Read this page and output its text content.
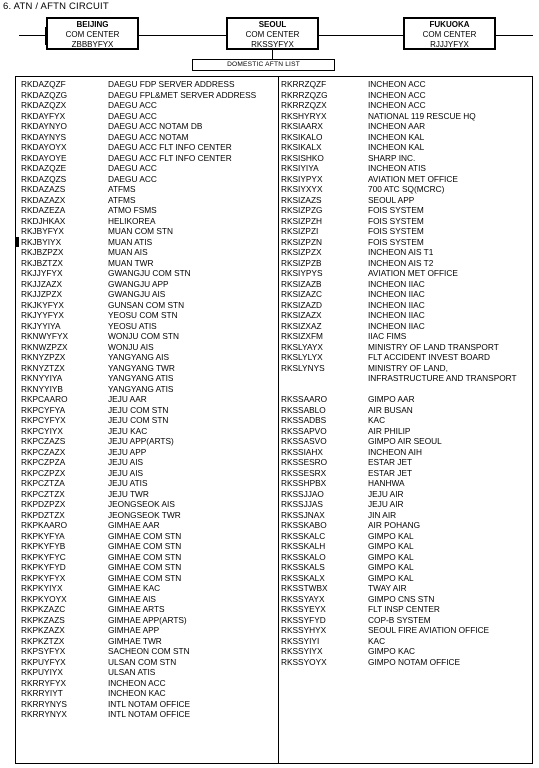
6. ATN / AFTN CIRCUIT
BEIJING
COM CENTER
ZBBBYFYX
SEOUL
COM CENTER
RKSSYFYX
FUKUOKA
COM CENTER
RJJJYFYX
DOMESTIC AFTN LIST
RKDAZQZF	DAEGU FDP SERVER ADDRESS
RKDAZQZG	DAEGU FPL&MET SERVER ADDRESS
RKDAZQZX	DAEGU ACC
RKDAYFYX	DAEGU ACC
RKDAYNYO	DAEGU ACC NOTAM DB
RKDAYNYS	DAEGU ACC NOTAM
RKDAYOYX	DAEGU ACC FLT INFO CENTER
RKDAYOYE	DAEGU ACC FLT INFO CENTER
RKDAZQZE	DAEGU ACC
RKDAZQZS	DAEGU ACC
RKDAZAZS	ATFMS
RKDAZAZX	ATFMS
RKDAZEZA	ATMO FSMS
RKDJHKAX	HELIKOREA
RKJBYFYX	MUAN COM STN
RKJBYIYX	MUAN ATIS
RKJBZPZX	MUAN AIS
RKJBZTZX	MUAN TWR
RKJJYFYX	GWANGJU COM STN
RKJJZAZX	GWANGJU APP
RKJJZPZX	GWANGJU AIS
RKJKYFYX	GUNSAN COM STN
RKJYYFYX	YEOSU COM STN
RKJYYIYA	YEOSU ATIS
RKNWYFYX	WONJU COM STN
RKNWZPZX	WONJU AIS
RKNYZPZX	YANGYANG AIS
RKNYZTZX	YANGYANG TWR
RKNYYIYA	YANGYANG ATIS
RKNYYIYB	YANGYANG ATIS
RKPCAARO	JEJU AAR
RKPCYFYA	JEJU COM STN
RKPCYFYX	JEJU COM STN
RKPCYIYX	JEJU KAC
RKPCZAZS	JEJU APP(ARTS)
RKPCZAZX	JEJU APP
RKPCZPZA	JEJU AIS
RKPCZPZX	JEJU AIS
RKPCZTZA	JEJU ATIS
RKPCZTZX	JEJU TWR
RKPDZPZX	JEONGSEOK AIS
RKPDZTZX	JEONGSEOK TWR
RKPKAARO	GIMHAE AAR
RKPKYFYA	GIMHAE COM STN
RKPKYFYB	GIMHAE COM STN
RKPKYFYC	GIMHAE COM STN
RKPKYFYD	GIMHAE COM STN
RKPKYFYX	GIMHAE COM STN
RKPKYIYX	GIMHAE KAC
RKPKYOYX	GIMHAE AIS
RKPKZAZC	GIMHAE ARTS
RKPKZAZS	GIMHAE APP(ARTS)
RKPKZAZX	GIMHAE APP
RKPKZTZX	GIMHAE TWR
RKPSYFYX	SACHEON COM STN
RKPUYFYX	ULSAN COM STN
RKPUYIYX	ULSAN ATIS
RKRRYFYX	INCHEON ACC
RKRRYIYT	INCHEON KAC
RKRRYNYS	INTL NOTAM OFFICE
RKRRYNYX	INTL NOTAM OFFICE
RKRRZQZF	INCHEON ACC
RKRRZQZG	INCHEON ACC
RKRRZQZX	INCHEON ACC
RKSHYRYX	NATIONAL 119 RESCUE HQ
RKSIAARX	INCHEON AAR
RKSIKALO	INCHEON KAL
RKSIKALX	INCHEON KAL
RKSISHKO	SHARP INC.
RKSIYIYA	INCHEON ATIS
RKSIYPYX	AVIATION MET OFFICE
RKSIYXYX	700 ATC SQ(MCRC)
RKSIZAZS	SEOUL APP
RKSIZPZG	FOIS SYSTEM
RKSIZPZH	FOIS SYSTEM
RKSIZPZI	FOIS SYSTEM
RKSIZPZN	FOIS SYSTEM
RKSIZPZX	INCHEON AIS T1
RKSIZPZB	INCHEON AIS T2
RKSIYPYS	AVIATION MET OFFICE
RKSIZAZB	INCHEON IIAC
RKSIZAZC	INCHEON IIAC
RKSIZAZD	INCHEON IIAC
RKSIZAZX	INCHEON IIAC
RKSIZXAZ	INCHEON IIAC
RKSIZXFM	IIAC FIMS
RKSLYAYX	MINISTRY OF LAND TRANSPORT
RKSLYLYX	FLT ACCIDENT INVEST BOARD
RKSLYNYS	MINISTRY OF LAND,
INFRASTRUCTURE AND TRANSPORT
RKSSAARO	GIMPO AAR
RKSSABLO	AIR BUSAN
RKSSADBS	KAC
RKSSAPVO	AIR PHILIP
RKSSASVO	GIMPO AIR SEOUL
RKSSIAHX	INCHEON AIH
RKSSESRO	ESTAR JET
RKSSESRX	ESTAR JET
RKSSHPBX	HANHWA
RKSSJJAO	JEJU AIR
RKSSJJAS	JEJU AIR
RKSSJNAX	JIN AIR
RKSSKABO	AIR POHANG
RKSSKALC	GIMPO KAL
RKSSKALH	GIMPO KAL
RKSSKALO	GIMPO KAL
RKSSKALS	GIMPO KAL
RKSSKALX	GIMPO KAL
RKSSTWBX	TWAY AIR
RKSSYAYX	GIMPO CNS STN
RKSSYEYX	FLT INSP CENTER
RKSSYFYD	COP-B SYSTEM
RKSSYHYX	SEOUL FIRE AVIATION OFFICE
RKSSYIYI	KAC
RKSSYIYX	GIMPO KAC
RKSSYOYX	GIMPO NOTAM OFFICE
